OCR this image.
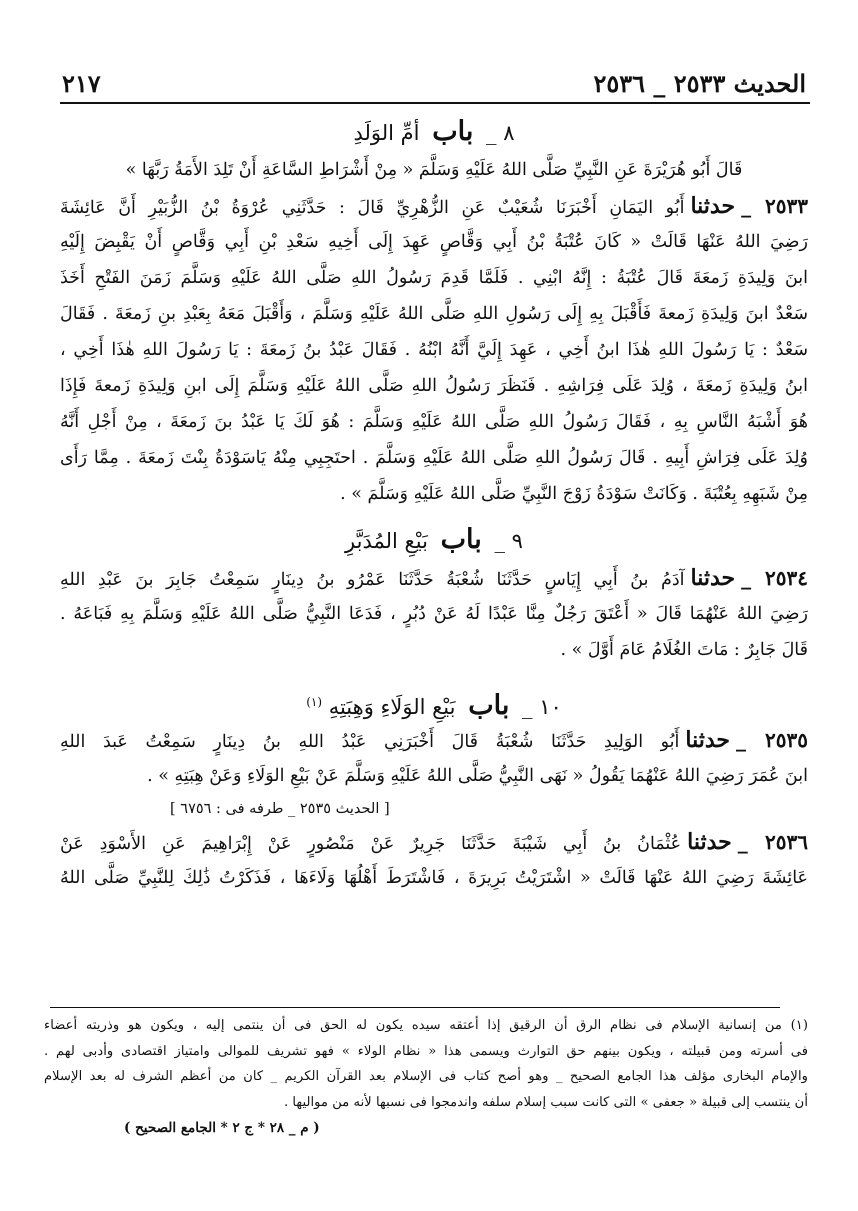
الحديث ٢٥٣٣ _ ٢٥٣٦
٢١٧
٨ _ باب أمِّ الوَلَدِ
قَالَ أَبُو هُرَيْرَةَ عَنِ النَّبِيِّ صَلَّى اللهُ عَلَيْهِ وَسَلَّمَ « مِنْ أَشْرَاطِ السَّاعَةِ أَنْ تَلِدَ الأَمَةُ رَبَّهَا »
٢٥٣٣ _حدثناأَبُو اليَمَانِ أَخْبَرَنَا شُعَيْبٌ عَنِ الزُّهْرِيِّ قَالَ : حَدَّثَنِي عُرْوَةُ بْنُ الزُّبَيْرِ أَنَّ عَائِشَةَ
رَضِيَ اللهُ عَنْهَا قَالَتْ « كَانَ عُتْبَةُ بْنُ أَبِي وَقَّاصٍ عَهِدَ إِلَى أَخِيهِ سَعْدِ بْنِ أَبِي وَقَّاصٍ أَنْ يَقْبِضَ إِلَيْهِ
ابنَ وَلِيدَةِ زَمعَةَ قَالَ عُتْبَةُ : إِنَّهُ ابْنِي . فَلَمَّا قَدِمَ رَسُولُ اللهِ صَلَّى اللهُ عَلَيْهِ وَسَلَّمَ زَمَنَ الفَتْحِ أَخَذَ
سَعْدٌ ابنَ وَلِيدَةِ زَمعةَ فَأَقْبَلَ بِهِ إِلَى رَسُولِ اللهِ صَلَّى اللهُ عَلَيْهِ وَسَلَّمَ ، وَأَقْبَلَ مَعَهُ بِعَبْدِ بنِ زَمعَةَ . فَقَالَ
سَعْدٌ : يَا رَسُولَ اللهِ هٰذَا ابنُ أَخِي ، عَهِدَ إِلَيَّ أَنَّهُ ابْنُهُ . فَقَالَ عَبْدُ بنُ زَمعَةَ : يَا رَسُولَ اللهِ هٰذَا أَخِي ،
ابنُ وَلِيدَةِ زَمعَةَ ، وُلِدَ عَلَى فِرَاشِهِ . فَنَظَرَ رَسُولُ اللهِ صَلَّى اللهُ عَلَيْهِ وَسَلَّمَ إِلَى ابنِ وَلِيدَةِ زَمعةَ فَإِذَا
هُوَ أَشْبَهُ النَّاسِ بِهِ ، فَقَالَ رَسُولُ اللهِ صَلَّى اللهُ عَلَيْهِ وَسَلَّمَ : هُوَ لَكَ يَا عَبْدُ بنَ زَمعَةَ ، مِنْ أَجْلِ أَنَّهُ
وُلِدَ عَلَى فِرَاشِ أَبِيهِ . قَالَ رَسُولُ اللهِ صَلَّى اللهُ عَلَيْهِ وَسَلَّمَ . احتَجِبِي مِنْهُ يَاسَوْدَةُ بِنْتَ زَمعَةَ . مِمَّا رَأَى
مِنْ شَبَهِهِ بِعُتْبَةَ . وَكَانَتْ سَوْدَةُ زَوْجَ النَّبِيِّ صَلَّى اللهُ عَلَيْهِ وَسَلَّمَ » .
٩ _ باب بَيْعِ المُدَبَّرِ
٢٥٣٤ _حدثناآدَمُ بنُ أَبِي إِيَاسٍ حَدَّثَنَا شُعْبَةُ حَدَّثَنَا عَمْرُو بنُ دِينَارٍ سَمِعْتُ جَابِرَ بنَ عَبْدِ اللهِ
رَضِيَ اللهُ عَنْهُمَا قَالَ « أَعْتَقَ رَجُلٌ مِنَّا عَبْدًا لَهُ عَنْ دُبُرٍ ، فَدَعَا النَّبِيُّ صَلَّى اللهُ عَلَيْهِ وَسَلَّمَ بِهِ فَبَاعَهُ .
قَالَ جَابِرٌ : مَاتَ الغُلَامُ عَامَ أَوَّلَ » .
١٠ _ باب بَيْعِ الوَلَاءِ وَهِبَتِهِ $^{(١)}$
٢٥٣٥ _حدثناأَبُو الوَلِيدِ حَدَّثَنَا شُعْبَةُ قَالَ أَخْبَرَنِي عَبْدُ اللهِ بنُ دِينَارٍ سَمِعْتُ عَبدَ اللهِ
ابنَ عُمَرَ رَضِيَ اللهُ عَنْهُمَا يَقُولُ « نَهَى النَّبِيُّ صَلَّى اللهُ عَلَيْهِ وَسَلَّمَ عَنْ بَيْعِ الوَلَاءِ وَعَنْ هِبَتِهِ » .
[ الحديث ٢٥٣٥ _ طرفه فى : ٦٧٥٦ ]
٢٥٣٦ _حدثناعُثْمَانُ بنُ أَبِي شَيْبَةَ حَدَّثَنَا جَرِيرٌ عَنْ مَنْصُورٍ عَنْ إِبْرَاهِيمَ عَنِ الأَسْوَدِ عَنْ
عَائِشَةَ رَضِيَ اللهُ عَنْهَا قَالَتْ « اشْتَرَيْتُ بَرِيرَةَ ، فَاشْتَرَطَ أَهْلُهَا وَلَاءَهَا ، فَذَكَرْتُ ذَٰلِكَ لِلنَّبِيِّ صَلَّى اللهُ
(١) من إنسانية الإسلام فى نظام الرق أن الرقيق إذا أعتقه سيده يكون له الحق فى أن ينتمى إليه ، ويكون هو وذريته أعضاء
فى أسرته ومن قبيلته ، ويكون بينهم حق التوارث ويسمى هذا « نظام الولاء » فهو تشريف للموالى وامتياز اقتصادى وأدبى لهم .
والإمام البخارى مؤلف هذا الجامع الصحيح _ وهو أصح كتاب فى الإسلام بعد القرآن الكريم _ كان من أعظم الشرف له بعد الإسلام
أن ينتسب إلى قبيلة « جعفى » التى كانت سبب إسلام سلفه واندمجوا فى نسبها لأنه من مواليها .
( م _ ٢٨ * ج ٢ * الجامع الصحيح )
